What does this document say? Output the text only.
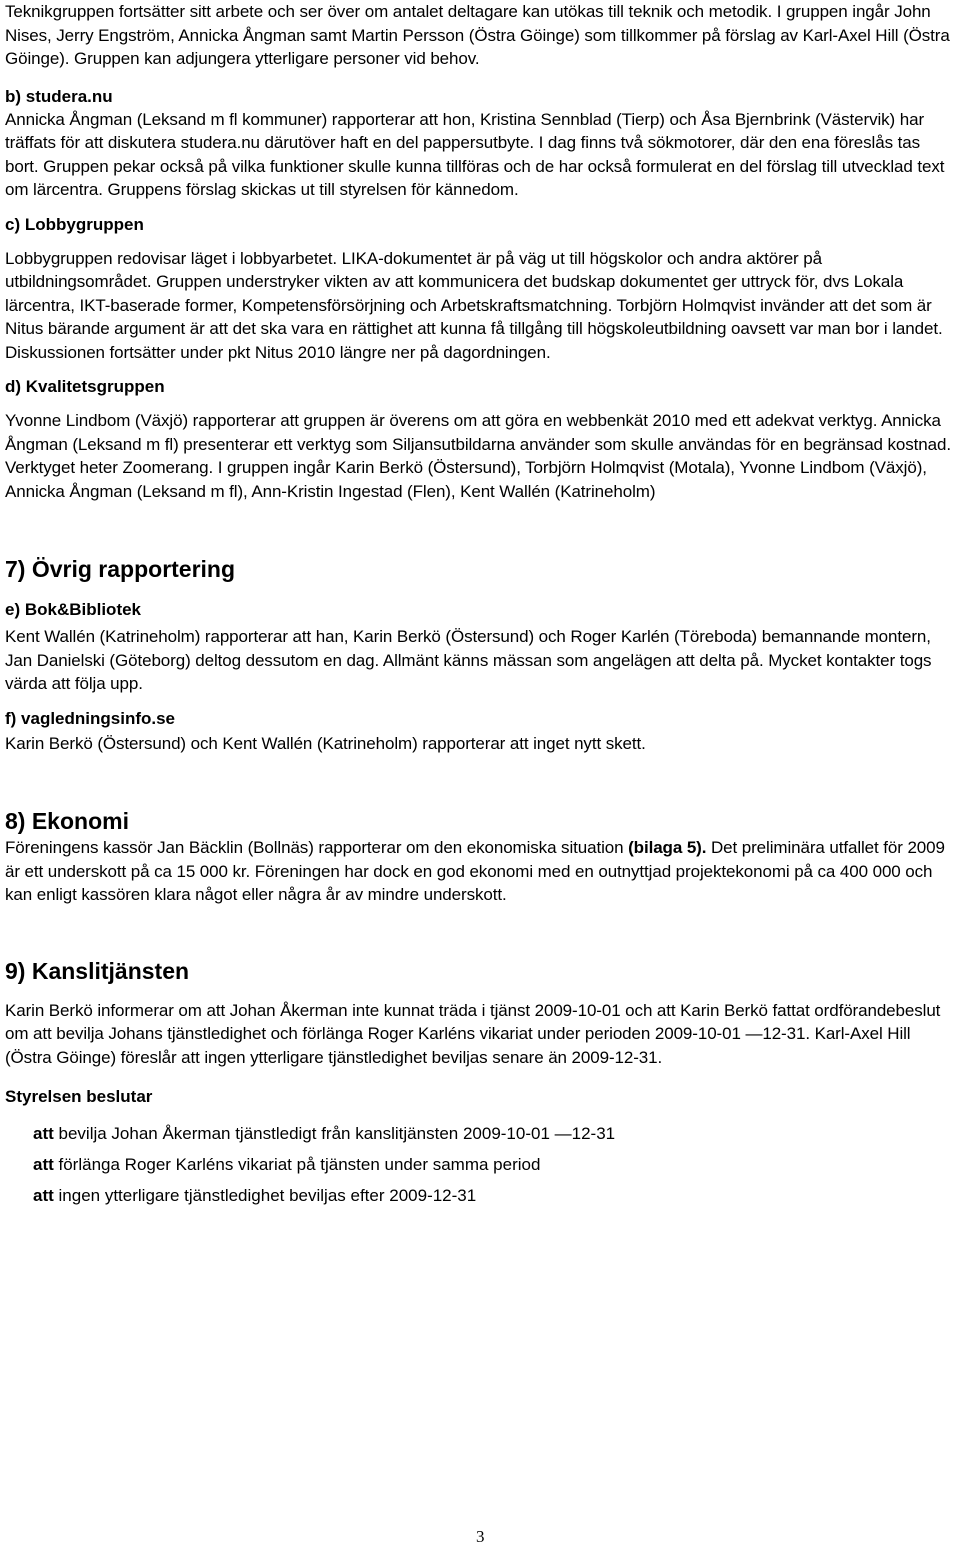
Teknikgruppen fortsätter sitt arbete och ser över om antalet deltagare kan utökas till teknik och metodik. I gruppen ingår John Nises, Jerry Engström, Annicka Ångman samt Martin Persson (Östra Göinge) som tillkommer på förslag av Karl-Axel Hill (Östra Göinge). Gruppen kan adjungera ytterligare personer vid behov.

b) studera.nu

Annicka Ångman (Leksand m fl kommuner) rapporterar att hon, Kristina Sennblad (Tierp) och Åsa Bjernbrink (Västervik) har träffats för att diskutera studera.nu därutöver haft en del pappersutbyte. I dag finns två sökmotorer, där den ena föreslås tas bort. Gruppen pekar också på vilka funktioner skulle kunna tillföras och de har också formulerat en del förslag till utvecklad text om lärcentra. Gruppens förslag skickas ut till styrelsen för kännedom.

c) Lobbygruppen

Lobbygruppen redovisar läget i lobbyarbetet. LIKA-dokumentet är på väg ut till högskolor och andra aktörer på utbildningsområdet. Gruppen understryker vikten av att kommunicera det budskap dokumentet ger uttryck för, dvs Lokala lärcentra, IKT-baserade former, Kompetensförsörjning och Arbetskraftsmatchning. Torbjörn Holmqvist invänder att det som är Nitus bärande argument är att det ska vara en rättighet att kunna få tillgång till högskoleutbildning oavsett var man bor i landet. Diskussionen fortsätter under pkt Nitus 2010 längre ner på dagordningen.

d) Kvalitetsgruppen

Yvonne Lindbom (Växjö) rapporterar att gruppen är överens om att göra en webbenkät 2010 med ett adekvat verktyg. Annicka Ångman (Leksand m fl) presenterar ett verktyg som Siljansutbildarna använder som skulle användas för en begränsad kostnad. Verktyget heter Zoomerang. I gruppen ingår Karin Berkö (Östersund), Torbjörn Holmqvist (Motala), Yvonne Lindbom (Växjö), Annicka Ångman (Leksand m fl), Ann-Kristin Ingestad (Flen), Kent Wallén (Katrineholm)

7) Övrig rapportering

e) Bok&Bibliotek

Kent Wallén (Katrineholm) rapporterar att han, Karin Berkö (Östersund) och Roger Karlén (Töreboda) bemannande montern, Jan Danielski (Göteborg) deltog dessutom en dag. Allmänt känns mässan som angelägen att delta på. Mycket kontakter togs värda att följa upp.

f) vagledningsinfo.se

Karin Berkö (Östersund) och Kent Wallén (Katrineholm) rapporterar att inget nytt skett.

8) Ekonomi

Föreningens kassör Jan Bäcklin (Bollnäs) rapporterar om den ekonomiska situation (bilaga 5). Det preliminära utfallet för 2009 är ett underskott på ca 15 000 kr. Föreningen har dock en god ekonomi med en outnyttjad projektekonomi på ca 400 000 och kan enligt kassören klara något eller några år av mindre underskott.

9) Kanslitjänsten

Karin Berkö informerar om att Johan Åkerman inte kunnat träda i tjänst 2009-10-01 och att Karin Berkö fattat ordförandebeslut om att bevilja Johans tjänstledighet och förlänga Roger Karléns vikariat under perioden 2009-10-01 —12-31. Karl-Axel Hill (Östra Göinge) föreslår att ingen ytterligare tjänstledighet beviljas senare än 2009-12-31.

Styrelsen beslutar

att bevilja Johan Åkerman tjänstledigt från kanslitjänsten 2009-10-01 —12-31

att förlänga Roger Karléns vikariat på tjänsten under samma period

att ingen ytterligare tjänstledighet beviljas efter 2009-12-31

3
